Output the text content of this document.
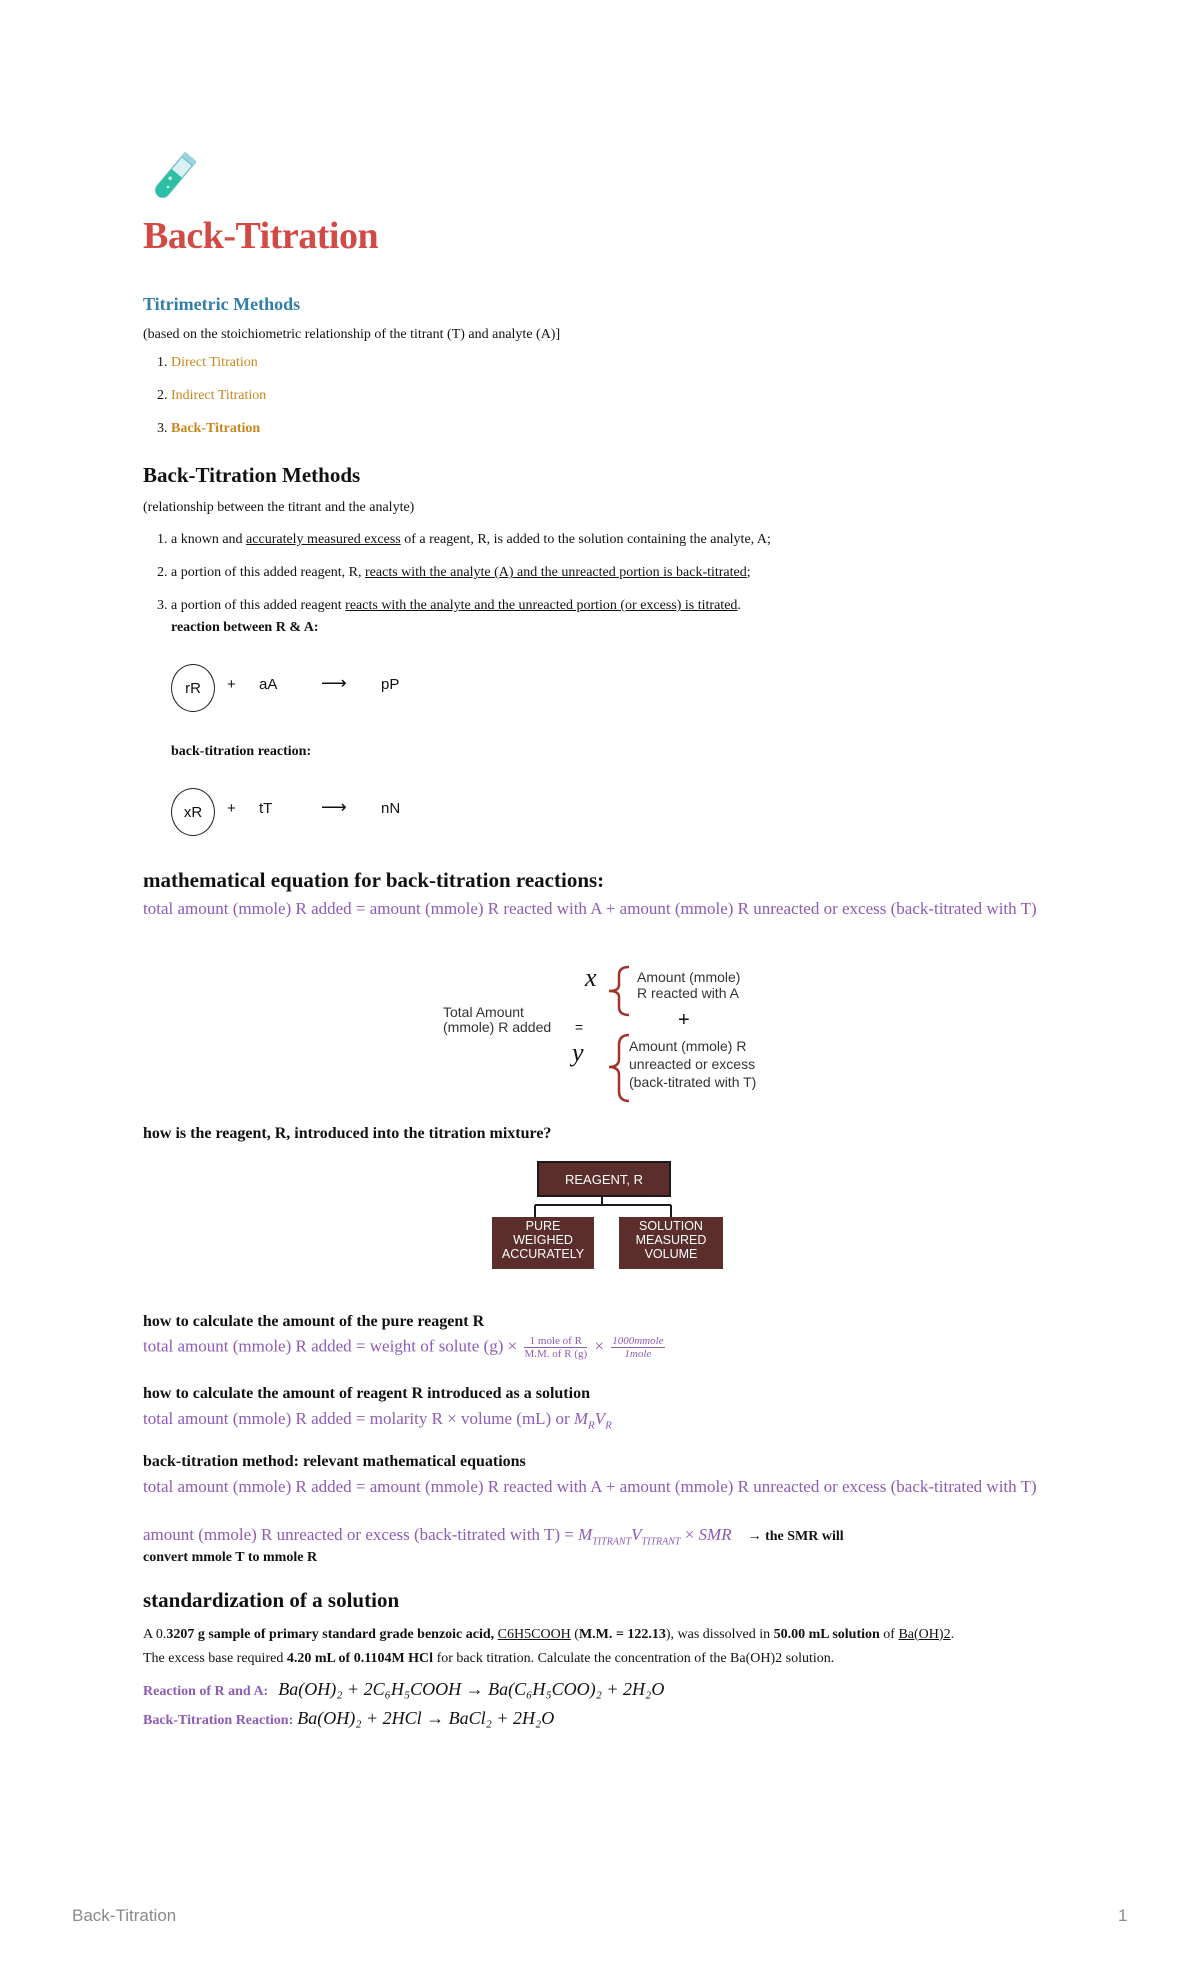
Back-Titration
Titrimetric Methods

(based on the stoichiometric relationship of the titrant (T) and analyte (A)]

1. Direct Titration
2. Indirect Titration
3. Back-Titration
Back-Titration Methods

(relationship between the titrant and the analyte)

1. a known and accurately measured excess of a reagent, R, is added to the solution containing the analyte, A;
2. a portion of this added reagent, R, reacts with the analyte (A) and the unreacted portion is back-titrated;
3. a portion of this added reagent reacts with the analyte and the unreacted portion (or excess) is titrated.

reaction between R & A:

rR	+ aA ⟶ pP

back-titration reaction:

xR	+ tT	⟶ nN
mathematical equation for back-titration reactions:
total amount (mmole) R added = amount (mmole) R reacted with A + amount (mmole) R unreacted or excess (back-titrated with T)
Total Amount
(mmole) R added =
x
y
Amount (mmole)
R reacted with A
+
Amount (mmole) R
unreacted or excess
(back-titrated with T)
how is the reagent, R, introduced into the titration mixture?
REAGENT, R
PURE
WEIGHED
ACCURATELY
SOLUTION
MEASURED
VOLUME
how to calculate the amount of the pure reagent R
total amount (mmole) R added = weight of solute $(g) \times \frac{\text{1 mole of R}}{\text{M.M. of R (g)}} \times \frac{\text{1000mmole}}{\text{1mole}}$
how to calculate the amount of reagent R introduced as a solution
total amount (mmole) R added = molarity R × volume (mL) or $M_RV_R$
back-titration method: relevant mathematical equations
total amount (mmole) R added = amount (mmole) R reacted with A + amount (mmole) R unreacted or excess (back-titrated with T)
amount (mmole) R unreacted or excess (back-titrated with $T) = M_{TITRANT}V_{TITRANT}$ × SMR → the SMR will
convert mmole T to mmole R
standardization of a solution

A 0.3207 g sample of primary standard grade benzoic acid, C6H5COOH (M.M. = 122.13), was dissolved in 50.00 mL solution of Ba(OH)2.

The excess base required 4.20 mL of 0.1104M HCl for back titration. Calculate the concentration of the Ba(OH)2 solution.

Reaction of R and A: Ba(OH)₂ + 2C₆H₅COOH → Ba(C₆H₅COO)₂ + 2H₂O
Back-Titration Reaction: Ba(OH)₂ + 2HCl → BaCl₂ + 2H₂O
Back-Titration	1
